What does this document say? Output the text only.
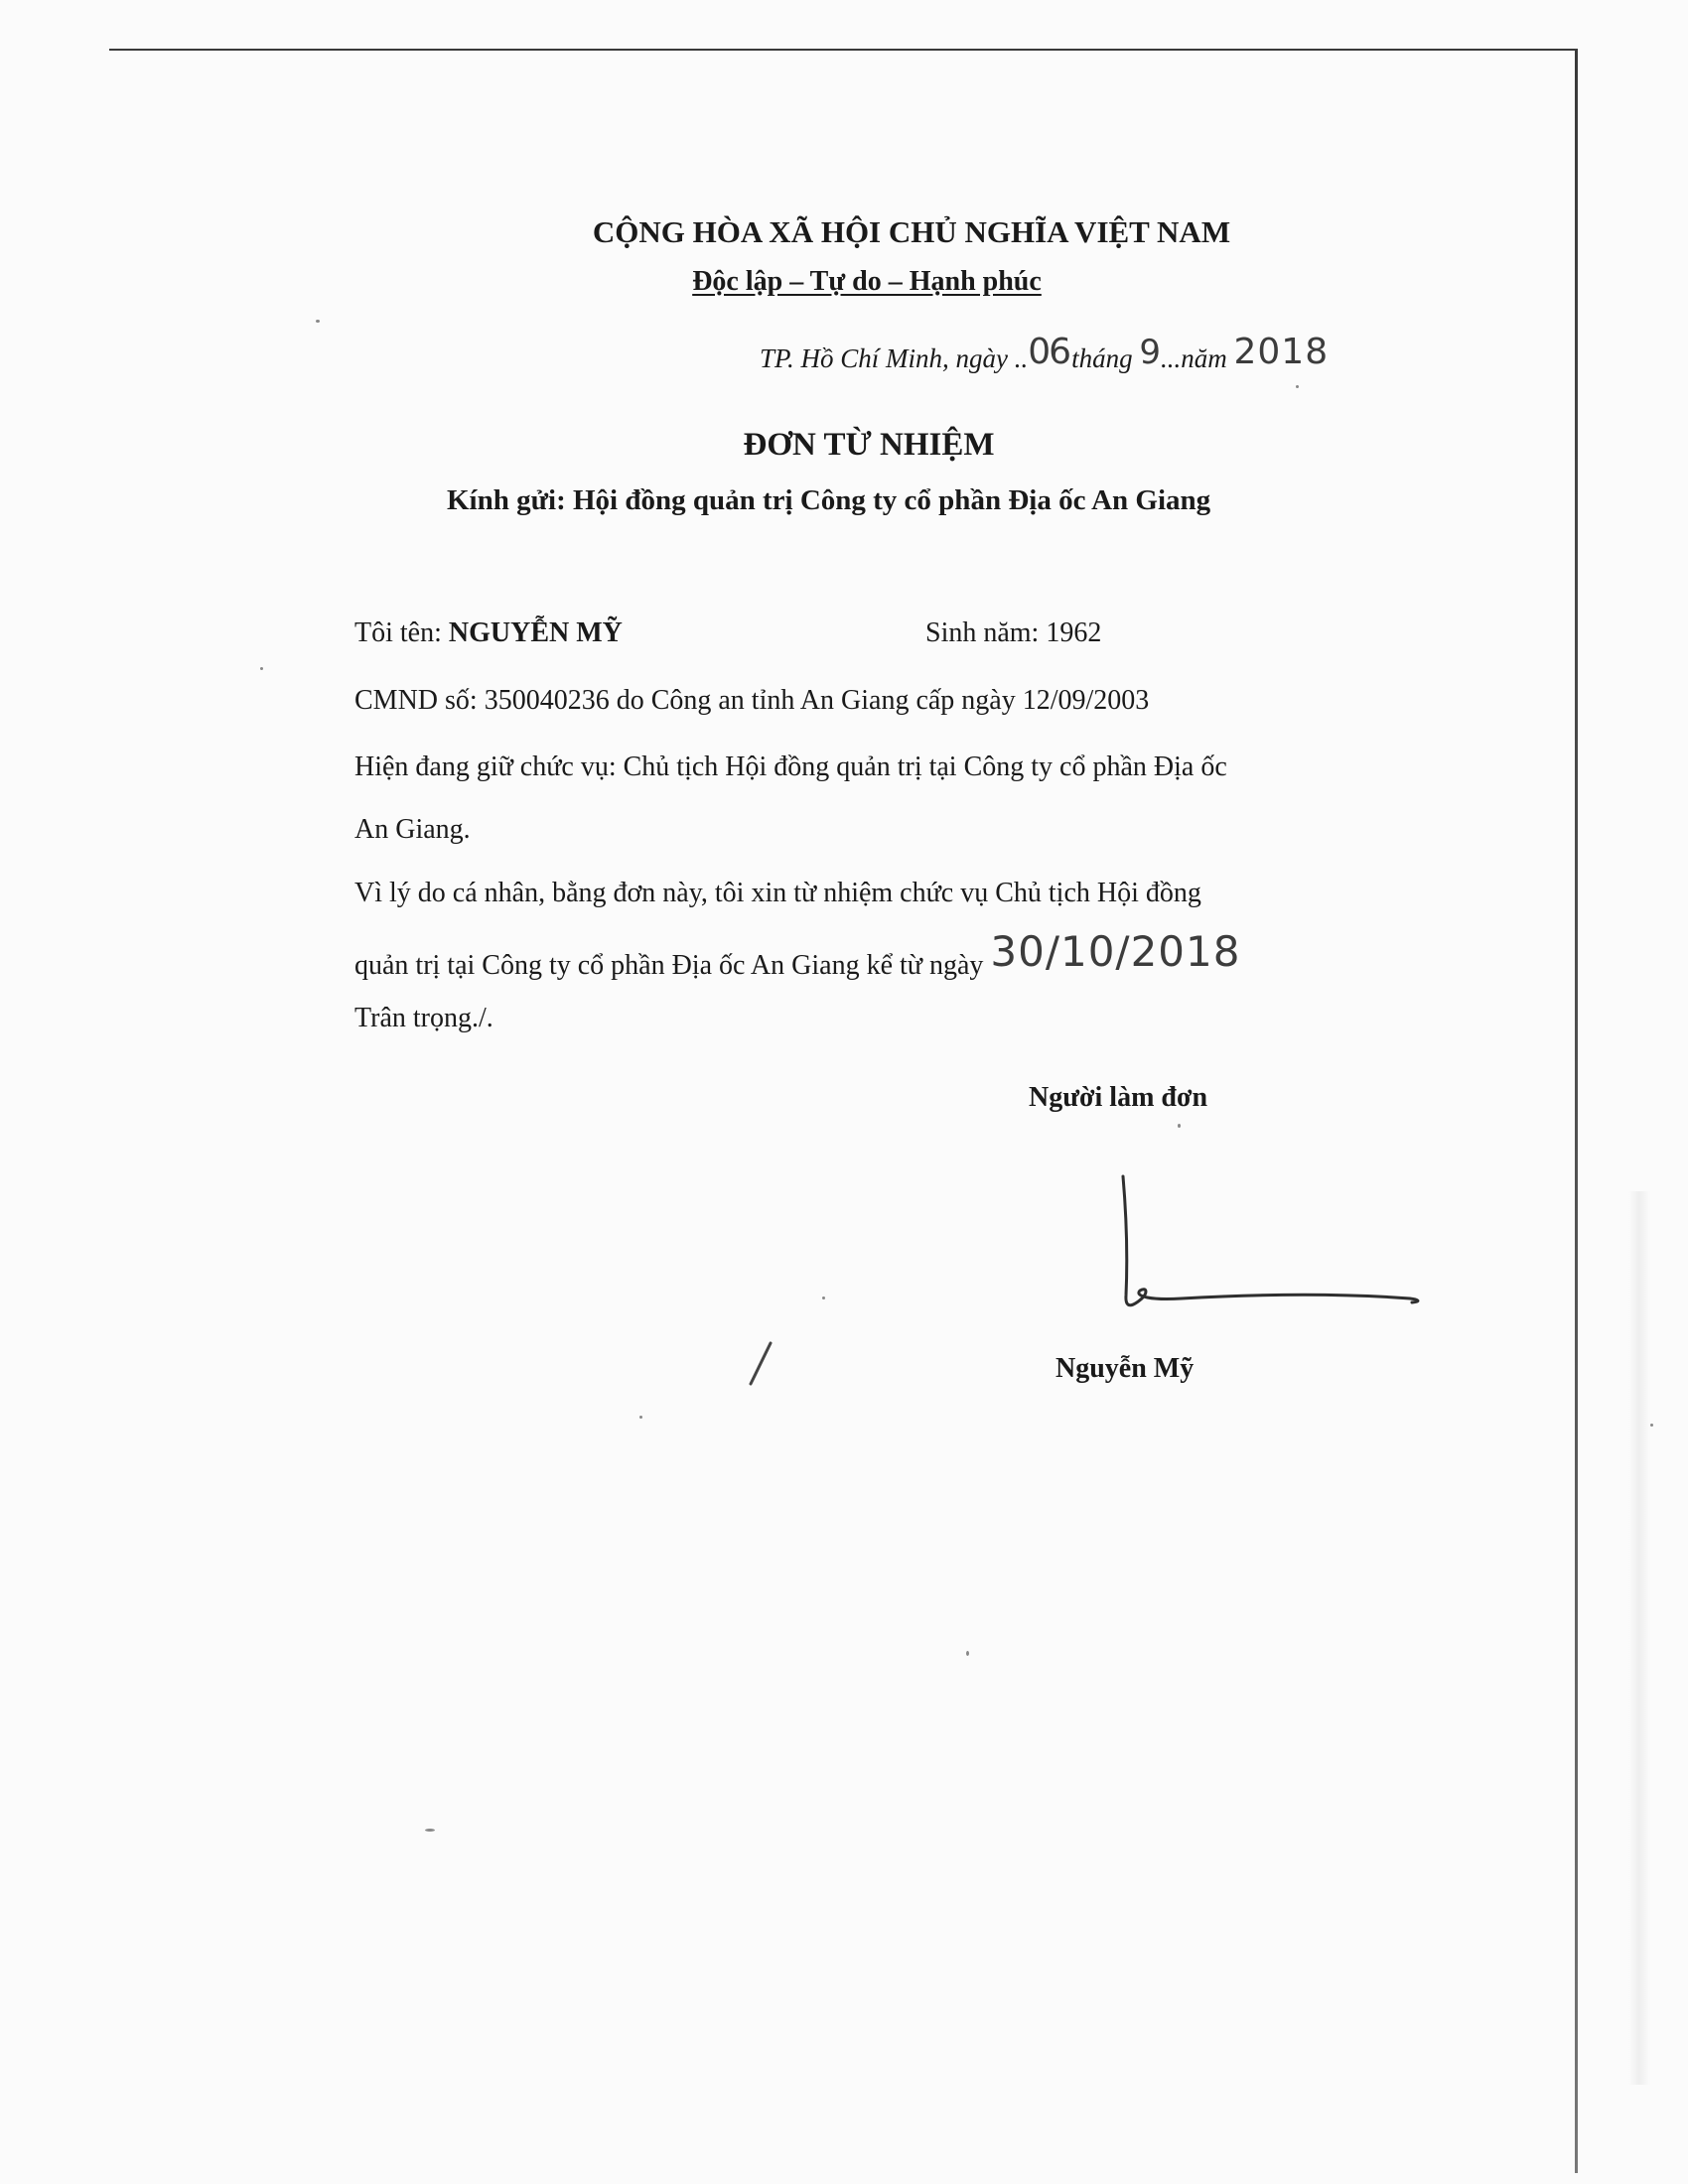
CỘNG HÒA XÃ HỘI CHỦ NGHĨA VIỆT NAM

Độc lập – Tự do – Hạnh phúc

TP. Hồ Chí Minh, ngày ..06tháng 9...năm 2018

ĐƠN TỪ NHIỆM

Kính gửi: Hội đồng quản trị Công ty cổ phần Địa ốc An Giang

Tôi tên: NGUYỄN MỸ	Sinh năm: 1962

CMND số: 350040236 do Công an tỉnh An Giang cấp ngày 12/09/2003

Hiện đang giữ chức vụ: Chủ tịch Hội đồng quản trị tại Công ty cổ phần Địa ốc

An Giang.

Vì lý do cá nhân, bằng đơn này, tôi xin từ nhiệm chức vụ Chủ tịch Hội đồng

quản trị tại Công ty cổ phần Địa ốc An Giang kể từ ngày 30/10/2018

Trân trọng./.

Người làm đơn

Nguyễn Mỹ
